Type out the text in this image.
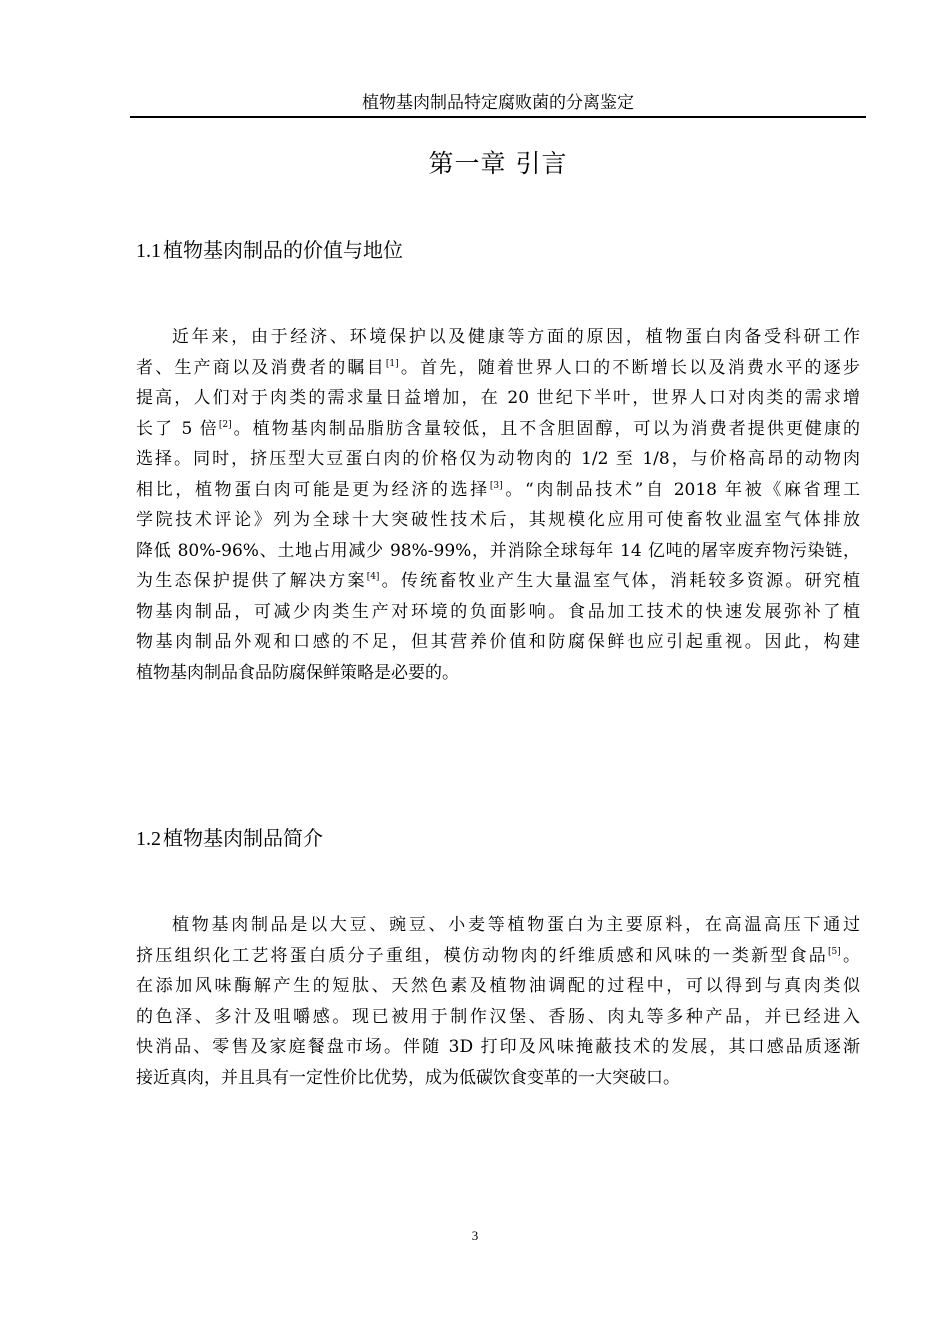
植物基肉制品特定腐败菌的分离鉴定
第一章 引言
1.1 植物基肉制品的价值与地位
近年来，由于经济、环境保护以及健康等方面的原因，植物蛋白肉备受科研工作
者、生产商以及消费者的瞩目[1]。首先，随着世界人口的不断增长以及消费水平的逐步
提高，人们对于肉类的需求量日益增加，在 20 世纪下半叶，世界人口对肉类的需求增
长了 5 倍[2]。植物基肉制品脂肪含量较低，且不含胆固醇，可以为消费者提供更健康的
选择。同时，挤压型大豆蛋白肉的价格仅为动物肉的 1/2 至 1/8，与价格高昂的动物肉
相比，植物蛋白肉可能是更为经济的选择[3]。“肉制品技术”自 2018 年被《麻省理工
学院技术评论》列为全球十大突破性技术后，其规模化应用可使畜牧业温室气体排放
降低 80%-96%、土地占用减少 98%-99%，并消除全球每年 14 亿吨的屠宰废弃物污染链，
为生态保护提供了解决方案[4]。传统畜牧业产生大量温室气体，消耗较多资源。研究植
物基肉制品，可减少肉类生产对环境的负面影响。食品加工技术的快速发展弥补了植
物基肉制品外观和口感的不足，但其营养价值和防腐保鲜也应引起重视。因此，构建
植物基肉制品食品防腐保鲜策略是必要的。
1.2 植物基肉制品简介
植物基肉制品是以大豆、豌豆、小麦等植物蛋白为主要原料，在高温高压下通过
挤压组织化工艺将蛋白质分子重组，模仿动物肉的纤维质感和风味的一类新型食品[5]。
在添加风味酶解产生的短肽、天然色素及植物油调配的过程中，可以得到与真肉类似
的色泽、多汁及咀嚼感。现已被用于制作汉堡、香肠、肉丸等多种产品，并已经进入
快消品、零售及家庭餐盘市场。伴随 3D 打印及风味掩蔽技术的发展，其口感品质逐渐
接近真肉，并且具有一定性价比优势，成为低碳饮食变革的一大突破口。
3
